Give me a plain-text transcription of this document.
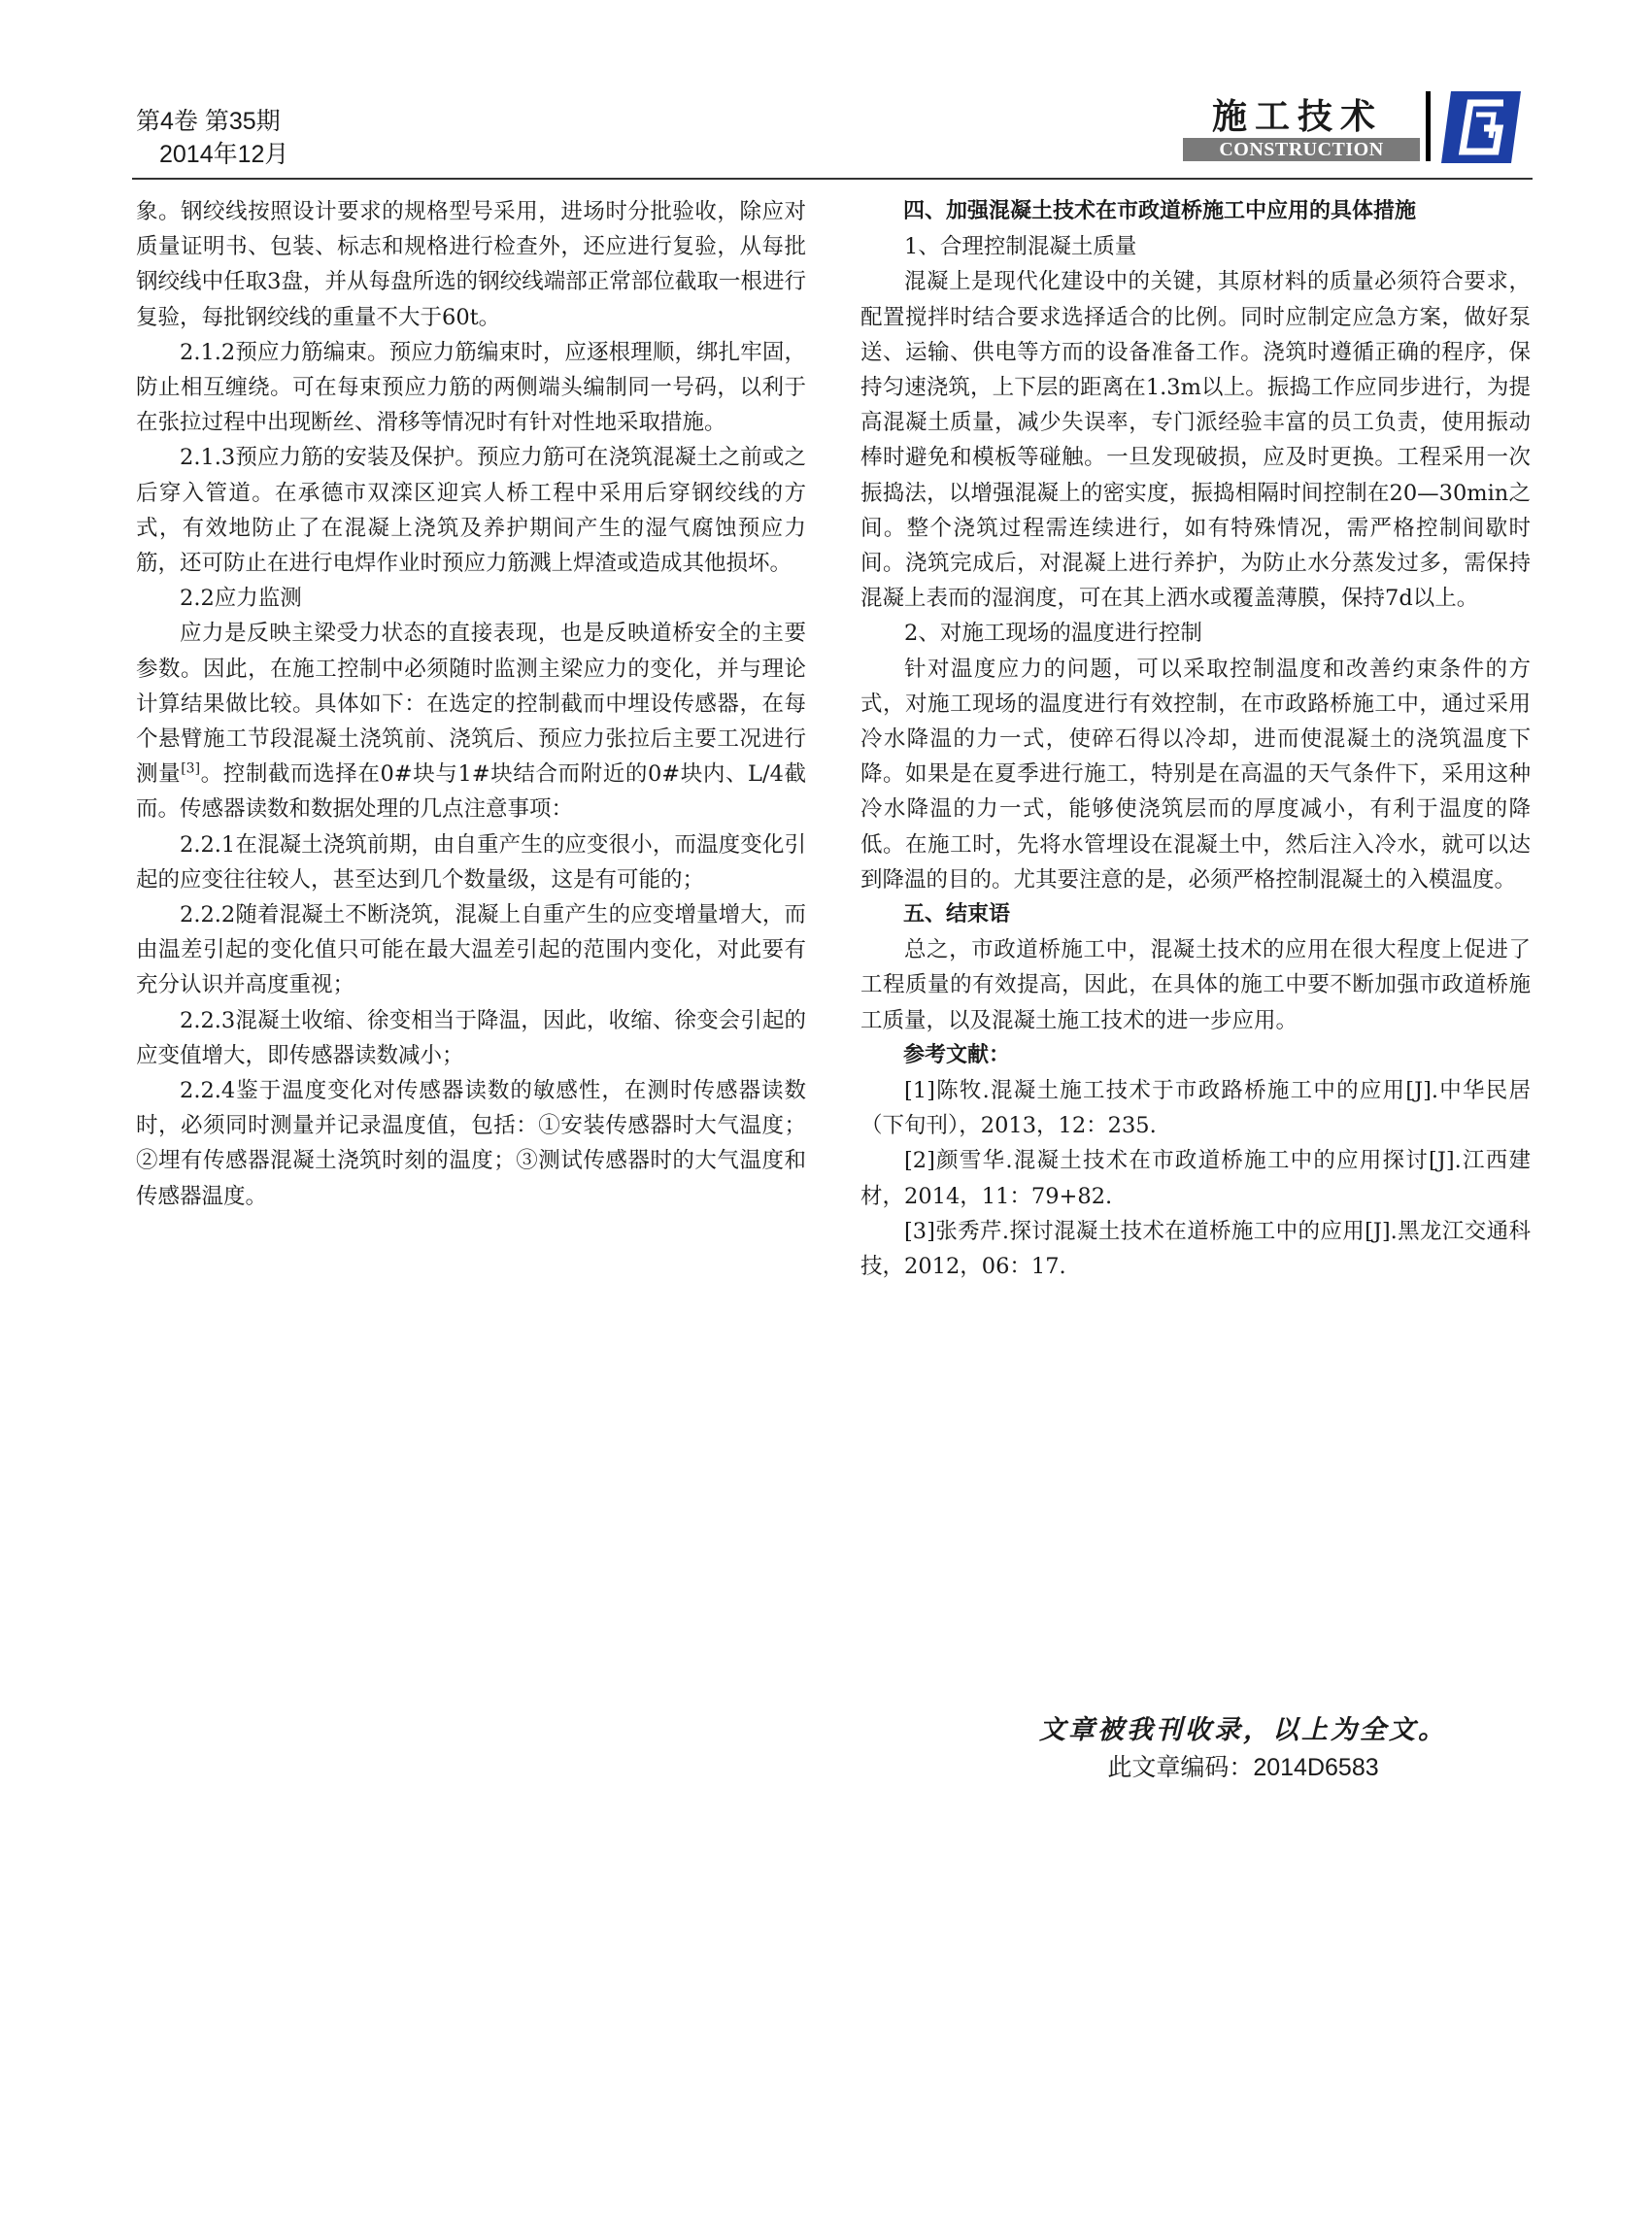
第4卷 第35期
2014年12月
施工技术
CONSTRUCTION

象。钢绞线按照设计要求的规格型号采用，进场时分批验收，除应对质量证明书、包装、标志和规格进行检查外，还应进行复验，从每批钢绞线中任取3盘，并从每盘所选的钢绞线端部正常部位截取一根进行复验，每批钢绞线的重量不大于60t。

2.1.2预应力筋编束。预应力筋编束时，应逐根理顺，绑扎牢固，防止相互缠绕。可在每束预应力筋的两侧端头编制同一号码，以利于在张拉过程中出现断丝、滑移等情况时有针对性地采取措施。

2.1.3预应力筋的安装及保护。预应力筋可在浇筑混凝土之前或之后穿入管道。在承德市双滦区迎宾人桥工程中采用后穿钢绞线的方式，有效地防止了在混凝上浇筑及养护期间产生的湿气腐蚀预应力筋，还可防止在进行电焊作业时预应力筋溅上焊渣或造成其他损坏。

2.2应力监测

应力是反映主梁受力状态的直接表现，也是反映道桥安全的主要参数。因此，在施工控制中必须随时监测主梁应力的变化，并与理论计算结果做比较。具体如下：在选定的控制截而中埋设传感器，在每个悬臂施工节段混凝土浇筑前、浇筑后、预应力张拉后主要工况进行测量[3]。控制截而选择在0#块与1#块结合而附近的0#块内、L/4截而。传感器读数和数据处理的几点注意事项：

2.2.1在混凝土浇筑前期，由自重产生的应变很小，而温度变化引起的应变往往较人，甚至达到几个数量级，这是有可能的；

2.2.2随着混凝土不断浇筑，混凝上自重产生的应变增量增大，而由温差引起的变化值只可能在最大温差引起的范围内变化，对此要有充分认识并高度重视；

2.2.3混凝土收缩、徐变相当于降温，因此，收缩、徐变会引起的应变值增大，即传感器读数减小；

2.2.4鉴于温度变化对传感器读数的敏感性，在测时传感器读数时，必须同时测量并记录温度值，包括：①安装传感器时大气温度；②埋有传感器混凝土浇筑时刻的温度；③测试传感器时的大气温度和传感器温度。

四、加强混凝土技术在市政道桥施工中应用的具体措施

1、合理控制混凝土质量

混凝上是现代化建设中的关键，其原材料的质量必须符合要求，配置搅拌时结合要求选择适合的比例。同时应制定应急方案，做好泵送、运输、供电等方而的设备准备工作。浇筑时遵循正确的程序，保持匀速浇筑，上下层的距离在1.3m以上。振捣工作应同步进行，为提高混凝土质量，减少失误率，专门派经验丰富的员工负责，使用振动棒时避免和模板等碰触。一旦发现破损，应及时更换。工程采用一次振捣法，以增强混凝上的密实度，振捣相隔时间控制在20—30min之间。整个浇筑过程需连续进行，如有特殊情况，需严格控制间歇时间。浇筑完成后，对混凝上进行养护，为防止水分蒸发过多，需保持混凝上表而的湿润度，可在其上洒水或覆盖薄膜，保持7d以上。

2、对施工现场的温度进行控制

针对温度应力的问题，可以采取控制温度和改善约束条件的方式，对施工现场的温度进行有效控制，在市政路桥施工中，通过采用冷水降温的力一式，使碎石得以冷却，进而使混凝土的浇筑温度下降。如果是在夏季进行施工，特别是在高温的天气条件下，采用这种冷水降温的力一式，能够使浇筑层而的厚度减小，有利于温度的降低。在施工时，先将水管埋设在混凝土中，然后注入冷水，就可以达到降温的目的。尤其要注意的是，必须严格控制混凝土的入模温度。

五、结束语

总之，市政道桥施工中，混凝土技术的应用在很大程度上促进了工程质量的有效提高，因此，在具体的施工中要不断加强市政道桥施工质量，以及混凝土施工技术的进一步应用。

参考文献：

[1]陈牧.混凝土施工技术于市政路桥施工中的应用[J].中华民居（下旬刊），2013，12：235.

[2]颜雪华.混凝土技术在市政道桥施工中的应用探讨[J].江西建材，2014，11：79+82.

[3]张秀芹.探讨混凝土技术在道桥施工中的应用[J].黑龙江交通科技，2012，06：17.

文章被我刊收录，以上为全文。
此文章编码：2014D6583
